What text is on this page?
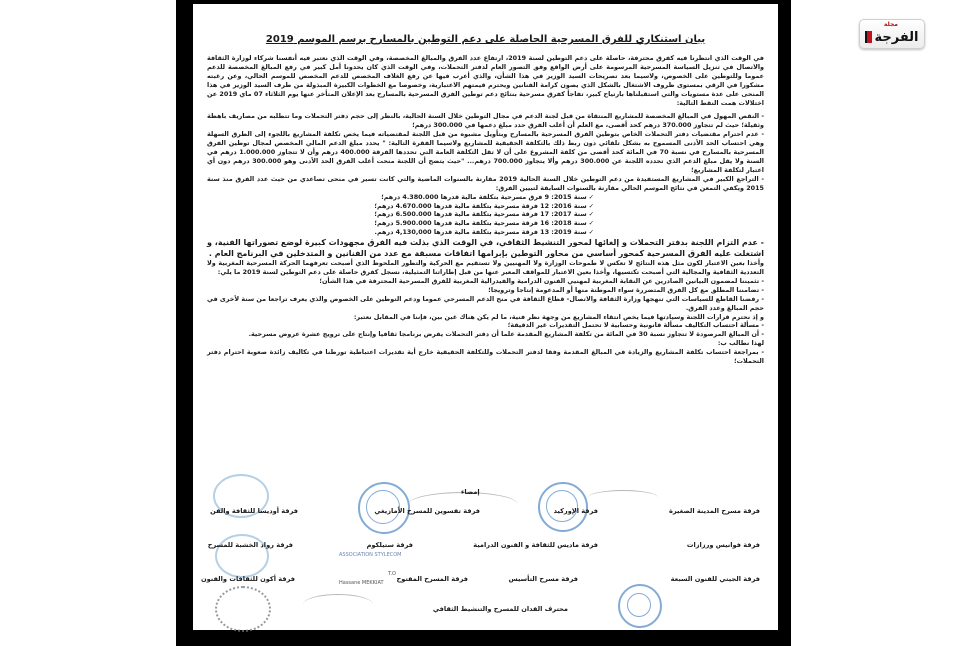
مجلة
الفرجة
بيان استنكاري للفرق المسرحية الحاصلة على دعم التوطين بالمسارح برسم الموسم 2019

في الوقت الذي انتظرنا فيه كفرق محترفة، حاصلة على دعم التوطين لسنة 2019، ارتفاع عدد الفرق والمبالغ المخصصة، وفي الوقت الذي نعتبر فيه أنفسنا شركاء لوزارة الثقافة والاتصال في تنزيل السياسة المسرحية المرسومة على أرض الواقع وفق التصور العام لدفتر التحملات، وفي الوقت الذي كان يحدونا أمل كبير في رفع المبالغ المخصصة للدعم عموما وللتوطين على الخصوص، ولاسيما بعد تصريحات السيد الوزير في هذا الشأن، والذي أعرب فيها عن رفع الغلاف المخصص للدعم المخصص للموسم الحالي، وعن رغبته مشكورا في الرقي بمستوى ظروف الاشتغال بالشكل الذي يصون كرامة الفنانين ويحترم قيمتهم الاعتبارية، وخصوصا مع الخطوات الكبيرة المبذولة من طرف السيد الوزير في هذا المنحى على عدة مستويات والتي استقبلناها بارتياح كبير، تفاجأ كفرق مسرحية بنتائج دعم توطين الفرق المسرحية بالمسارح بعد الإعلان المتأخر عنها يوم الثلاثاء 07 ماي 2019 عن اختلالات همت النقط التالية:

- النقص المهول في المبالغ المخصصة للمشاريع المنتقاة من قبل لجنة الدعم في مجال التوطين خلال السنة الحالية، بالنظر إلى حجم دفتر التحملات وما تتطلبه من مصاريف باهظة وثقيلة؛ حيث لم تتجاوز 370.000 درهم كحد أقصى، مع العلم أن أغلب الفرق حدد مبلغ دعمها في 300.000 درهم؛

- عدم احترام مقتضيات دفتر التحملات الخاص بتوطين الفرق المسرحية بالمسارح وبتأويل مشبوه من قبل اللجنة لمقتضياته فيما يخص تكلفة المشاريع باللجوء إلى الطرق السهلة وهي احتساب الحد الأدنى المسموح به بشكل تلقائي دون ربط ذلك بالتكلفة الحقيقية للمشاريع ولاسيما الفقرة التالية: " يحدد مبلغ الدعم المالي المخصص لمجال توطين الفرق المسرحية بالمسارح في نسبة 70 في المائة كحد أقصى من كلفة المشروع على أن لا تقل التكلفة العامة التي تحددها الفرقة 400.000 درهم وأن لا تتجاوز 1.000.000 درهم في السنة ولا يقل مبلغ الدعم الذي تحدده اللجنة عن 300.000 درهم وألا يتجاوز 700.000 درهم... "حيث يتضح أن اللجنة منحت أغلب الفرق الحد الأدنى وهو 300.000 درهم دون أي اعتبار لتكلفة المشاريع؛

- التراجع الكبير في المشاريع المستفيدة من دعم التوطين خلال السنة الحالية 2019 مقارنة بالسنوات الماضية والتي كانت تسير في منحى تصاعدي من حيث عدد الفرق منذ سنة 2015 ويكفي التمعن في نتائج الموسم الحالي مقارنة بالسنوات السابقة لتبيين الفرق:

✓ سنة 2015: 9 فرق مسرحية بتكلفة مالية قدرها 4.380.000 درهم؛
✓ سنة 2016: 12 فرقة مسرحية بتكلفة مالية قدرها 4.670.000 درهم؛
✓ سنة 2017: 17 فرقة مسرحية بتكلفة مالية قدرها 6.500.000 درهم؛
✓ سنة 2018: 16 فرقة مسرحية بتكلفة مالية قدرها 5.900.000 درهم؛
✓ سنة 2019: 13 فرقة مسرحية بتكلفة مالية قدرها 4,130,000 درهم.

- عدم التزام اللجنة بدفتر التحملات و إلغائها لمحور التنشيط الثقافي، في الوقت الذي بذلت فيه الفرق مجهودات كبيرة لوضع تصوراتها الفنية، و اشتغلت عليه الفرق المسرحية كمحور أساسي من محاور التوطين بإبرامها اتفاقات مسبقة مع عدد من الفنانين و المتدخلين في البرنامج العام .

وأخذا بعين الاعتبار لكون مثل هذه النتائج لا تعكس لا طموحات الوزارة ولا المهنيين ولا تستقيم مع الحركية والتطور الملحوظ الذي أصبحت تعرفهما الحركة المسرحية المغربية ولا التعددية الثقافية والمجالية التي أصبحت تكتسيها، وأخذا بعين الاعتبار للمواقف المعبر عنها من قبل إطاراتنا التمثيلية، نسجل كفرق حاصلة على دعم التوطين لسنة 2019 ما يلي:

- تثميننا لمضمون البيانين الصادرين عن النقابة المغربية لمهنيي الفنون الدرامية والفيدرالية المغربية للفرق المسرحية المحترفة في هذا الشأن؛

- تضامننا المطلق مع كل الفرق المتضررة سواء الموطنة منها أو المدعومة إنتاجا وترويجا؛

- رفضنا القاطع للسياسات التي تنهجها وزارة الثقافة والاتصال- قطاع الثقافة في منح الدعم المسرحي عموما ودعم التوطين على الخصوص والذي يعرف تراجعا من سنة لأخرى في حجم المبالغ وعدد الفرق.

و إذ نحترم قرارات اللجنة وسيادتها فيما يخص انتقاء المشاريع من وجهة نظر فنية، ما لم يكن هناك غبن بين، فإننا في المقابل نعتبر:

- مسألة احتساب التكاليف مسألة قانونية وحسابية لا تحتمل التقديرات غير الدقيقة؛

- أن المبالغ المرصودة لا تتجاوز نسبة 30 في المائة من تكلفة المشاريع المقدمة علما أن دفتر التحملات يفرض برنامجا ثقافيا وإنتاج على ترويج عشرة عروض مسرحية.

لهذا نطالب ب:

- بمراجعة احتساب تكلفة المشاريع والزيادة في المبالغ المقدمة وفقا لدفتر التحملات وللتكلفة الحقيقية خارج أية تقديرات اعتباطية تورطنا في تكاليف زائدة صعوبة احترام دفتر التحملات؛

ASSOCIATION STYLECOM
T.O
Hassane MEKKIAT
إمضاء
فرقة مسرح المدينة الصغيرة
فرقة الإوركيد
فرقة تفسوين للمسرح الأمازيغي
فرقة أوديسا للثقافة والفن
فرقة فوانيس ورزازات
فرقة ماديس للثقافة و الفنون الدرامية
فرقة ستيلكوم
فرقة رواد الخشبة للمسرح
فرقة الجيتي للفنون السبعة
فرقة مسرح التأسيس
فرقة المسرح المفتوح
فرقة أكون للثقافات والفنون
محترف الفدان للمسرح والتنشيط الثقافي
